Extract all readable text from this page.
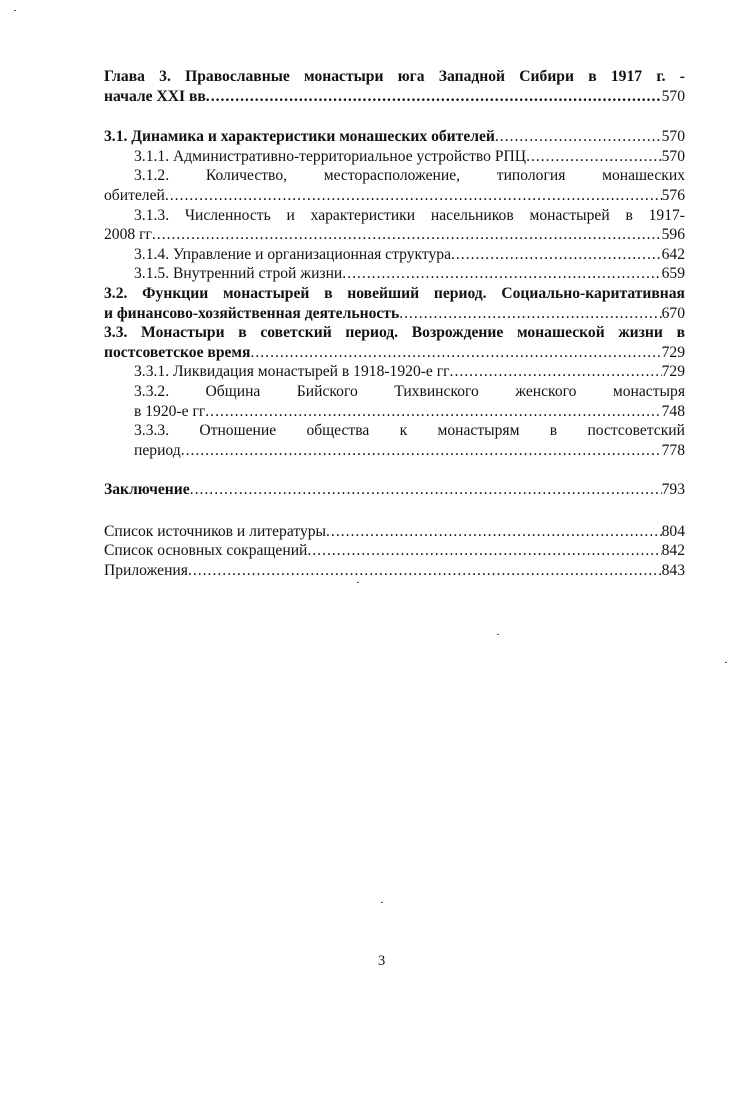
Глава 3. Православные монастыри юга Западной Сибири в 1917 г. -
начале XXI вв .....	570
3.1. Динамика и характеристики монашеских обителей .....	570
3.1.1. Административно-территориальное устройство РПЦ .....	570
3.1.2. Количество, месторасположение, типология монашеских
обителей .....	576
3.1.3. Численность и характеристики насельников монастырей в 1917-
2008 гг .....	596
3.1.4. Управление и организационная структура .....	642
3.1.5. Внутренний строй жизни .....	659
3.2. Функции монастырей в новейший период. Социально-каритативная
и финансово-хозяйственная деятельность .....	670
3.3. Монастыри в советский период. Возрождение монашеской жизни в
постсоветское время .....	729
3.3.1. Ликвидация монастырей в 1918-1920-е гг .....	729
3.3.2. Община Бийского Тихвинского женского монастыря
в 1920-е гг .....	748
3.3.3. Отношение общества к монастырям в постсоветский
период .....	778
Заключение .....	793
Список источников и литературы .....	804
Список основных сокращений .....	842
Приложения .....	843
3
